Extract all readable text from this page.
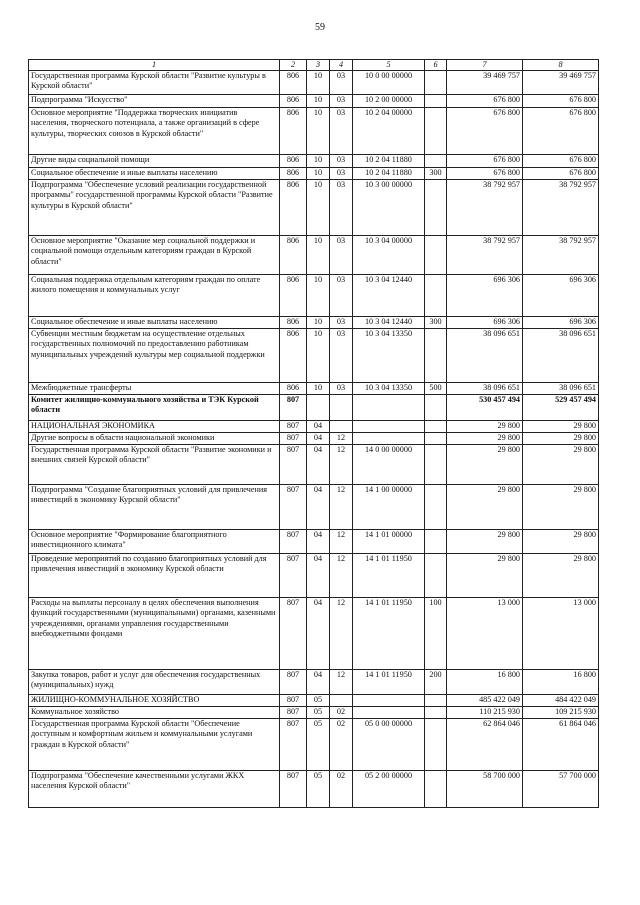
59
1	2	3	4	5	6	7	8
Государственная программа Курской области "Развитие культуры в Курской области"	806	10	03	10 0 00 00000		39 469 757	39 469 757
Подпрограмма "Искусство"	806	10	03	10 2 00 00000		676 800	676 800
Основное мероприятие "Поддержка творческих инициатив населения, творческого потенциала, а также организаций в сфере культуры, творческих союзов в Курской области"	806	10	03	10 2 04 00000		676 800	676 800
Другие виды социальной помощи	806	10	03	10 2 04 11880		676 800	676 800
Социальное обеспечение и иные выплаты населению	806	10	03	10 2 04 11880	300	676 800	676 800
Подпрограмма "Обеспечение условий реализации государственной программы" государственной программы Курской области "Развитие культуры в Курской области"	806	10	03	10 3 00 00000		38 792 957	38 792 957
Основное мероприятие "Оказание мер социальной поддержки и социальной помощи отдельным категориям граждан в Курской области"	806	10	03	10 3 04 00000		38 792 957	38 792 957
Социальная поддержка отдельным категориям граждан по оплате жилого помещения и коммунальных услуг	806	10	03	10 3 04 12440		696 306	696 306
Социальное обеспечение и иные выплаты населению	806	10	03	10 3 04 12440	300	696 306	696 306
Субвенции местным бюджетам на осуществление отдельных государственных полномочий по предоставлению работникам муниципальных учреждений культуры мер социальной поддержки	806	10	03	10 3 04 13350		38 096 651	38 096 651
Межбюджетные трансферты	806	10	03	10 3 04 13350	500	38 096 651	38 096 651
Комитет жилищно-коммунального хозяйства и ТЭК Курской области	807					530 457 494	529 457 494
НАЦИОНАЛЬНАЯ ЭКОНОМИКА	807	04				29 800	29 800
Другие вопросы в области национальной экономики	807	04	12			29 800	29 800
Государственная программа Курской области "Развитие экономики и внешних связей Курской области"	807	04	12	14 0 00 00000		29 800	29 800
Подпрограмма "Создание благоприятных условий для привлечения инвестиций в экономику Курской области"	807	04	12	14 1 00 00000		29 800	29 800
Основное мероприятие "Формирование благоприятного инвестиционного климата"	807	04	12	14 1 01 00000		29 800	29 800
Проведение мероприятий по созданию благоприятных условий для привлечения инвестиций в экономику Курской области	807	04	12	14 1 01 11950		29 800	29 800
Расходы на выплаты персоналу в целях обеспечения выполнения функций государственными (муниципальными) органами, казенными учреждениями, органами управления государственными внебюджетными фондами	807	04	12	14 1 01 11950	100	13 000	13 000
Закупка товаров, работ и услуг для обеспечения государственных (муниципальных) нужд	807	04	12	14 1 01 11950	200	16 800	16 800
ЖИЛИЩНО-КОММУНАЛЬНОЕ ХОЗЯЙСТВО	807	05				485 422 049	484 422 049
Коммунальное хозяйство	807	05	02			110 215 930	109 215 930
Государственная программа Курской области "Обеспечение доступным и комфортным жильем и коммунальными услугами граждан в Курской области"	807	05	02	05 0 00 00000		62 864 046	61 864 046
Подпрограмма "Обеспечение качественными услугами ЖКХ населения Курской области"	807	05	02	05 2 00 00000		58 700 000	57 700 000
